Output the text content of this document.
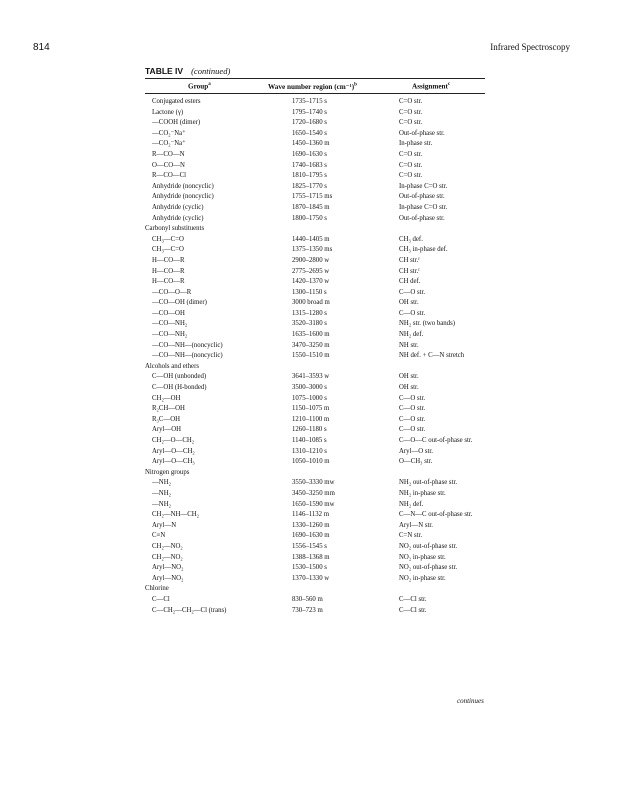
814	Infrared Spectroscopy
TABLE IV (continued)
Group$^a$	Wave number region $(cm^{-1})^b$	Assignment$^c$
Conjugated esters	1735–1715 s	C=O str.
Lactone (γ)	1795–1740 s	C=O str.
—COOH (dimer)	1720–1680 s	C=O str.
—CO₂⁻Na⁺	1650–1540 s	Out-of-phase str.
—CO₂⁻Na⁺	1450–1360 m	In-phase str.
R—CO—N	1690–1630 s	C=O str.
O—CO—N	1740–1683 s	C=O str.
R—CO—Cl	1810–1795 s	C=O str.
Anhydride (noncyclic)	1825–1770 s	In-phase C=O str.
Anhydride (noncyclic)	1755–1715 ms	Out-of-phase str.
Anhydride (cyclic)	1870–1845 m	In-phase C=O str.
Anhydride (cyclic)	1800–1750 s	Out-of-phase str.
Carbonyl substituents
CH₃—C=O	1440–1405 m	CH₃ def.
CH₃—C=O	1375–1350 ms	CH₃ in-phase def.
H—CO—R	2900–2800 w	CH str.ᶠ
H—CO—R	2775–2695 w	CH str.ᶠ
H—CO—R	1420–1370 w	CH def.
—CO—O—R	1300–1150 s	C—O str.
—CO—OH (dimer)	3000 broad m	OH str.
—CO—OH	1315–1280 s	C—O str.
—CO—NH₂	3520–3180 s	NH₂ str. (two bands)
—CO—NH₂	1635–1600 m	NH₂ def.
—CO—NH—(noncyclic)	3470–3250 m	NH str.
—CO—NH—(noncyclic)	1550–1510 m	NH def. + C—N stretch
Alcohols and ethers
C—OH (unbonded)	3641–3593 w	OH str.
C—OH (H-bonded)	3500–3000 s	OH str.
CH₂—OH	1075–1000 s	C—O str.
R₂CH—OH	1150–1075 m	C—O str.
R₃C—OH	1210–1100 m	C—O str.
Aryl—OH	1260–1180 s	C—O str.
CH₂—O—CH₂	1140–1085 s	C—O—C out-of-phase str.
Aryl—O—CH₂	1310–1210 s	Aryl—O str.
Aryl—O—CH₃	1050–1010 m	O—CH₃ str.
Nitrogen groups
—NH₂	3550–3330 mw	NH₂ out-of-phase str.
—NH₂	3450–3250 mm	NH₂ in-phase str.
—NH₂	1650–1590 mw	NH₂ def.
CH₂—NH—CH₂	1146–1132 m	C—N—C out-of-phase str.
Aryl—N	1330–1260 m	Aryl—N str.
C≡N	1690–1630 m	C=N str.
CH₂—NO₂	1556–1545 s	NO₂ out-of-phase str.
CH₂—NO₂	1388–1368 m	NO₂ in-phase str.
Aryl—NO₂	1530–1500 s	NO₂ out-of-phase str.
Aryl—NO₂	1370–1330 w	NO₂ in-phase str.
Chlorine
C—Cl	830–560 m	C—Cl str.
C—CH₂—CH₂—Cl (trans)	730–723 m	C—Cl str.
continues
